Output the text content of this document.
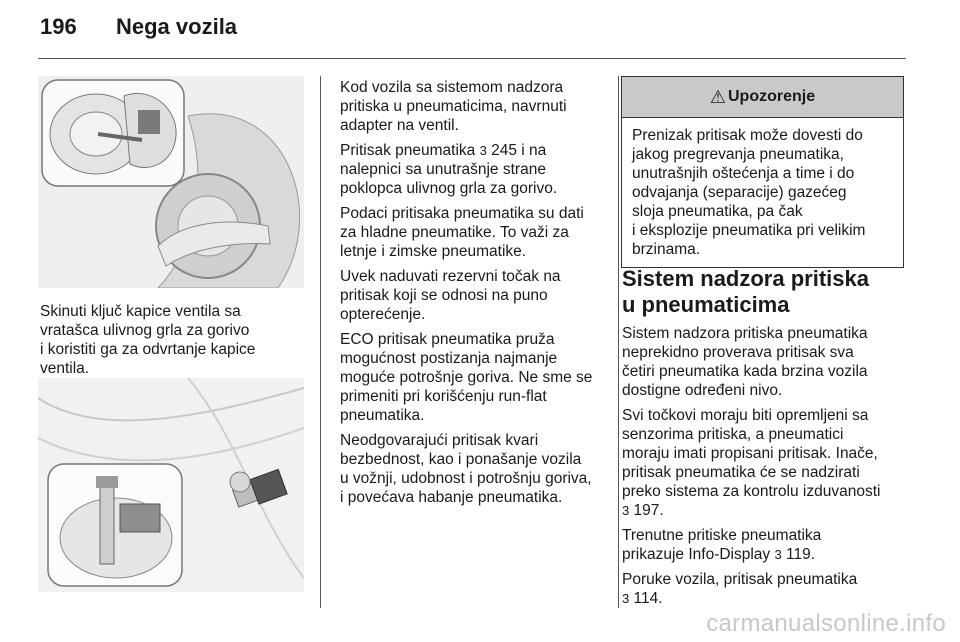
196	Nega vozila

Skinuti ključ kapice ventila sa
vratašca ulivnog grla za gorivo
i koristiti ga za odvrtanje kapice
ventila.

Kod vozila sa sistemom nadzora
pritiska u pneumaticima, navrnuti
adapter na ventil.

Pritisak pneumatika 3 245 i na
nalepnici sa unutrašnje strane
poklopca ulivnog grla za gorivo.

Podaci pritisaka pneumatika su dati
za hladne pneumatike. To važi za
letnje i zimske pneumatike.

Uvek naduvati rezervni točak na
pritisak koji se odnosi na puno
opterećenje.

ECO pritisak pneumatika pruža
mogućnost postizanja najmanje
moguće potrošnje goriva. Ne sme se
primeniti pri korišćenju run-flat
pneumatika.

Neodgovarajući pritisak kvari
bezbednost, kao i ponašanje vozila
u vožnji, udobnost i potrošnju goriva,
i povećava habanje pneumatika.

⚠ Upozorenje
Prenizak pritisak može dovesti do
jakog pregrevanja pneumatika,
unutrašnjih oštećenja a time i do
odvajanja (separacije) gazećeg
sloja pneumatika, pa čak
i eksplozije pneumatika pri velikim
brzinama.
Sistem nadzora pritiska
u pneumaticima

Sistem nadzora pritiska pneumatika
neprekidno proverava pritisak sva
četiri pneumatika kada brzina vozila
dostigne određeni nivo.

Svi točkovi moraju biti opremljeni sa
senzorima pritiska, a pneumatici
moraju imati propisani pritisak. Inače,
pritisak pneumatika će se nadzirati
preko sistema za kontrolu izduvanosti
3 197.

Trenutne pritiske pneumatika
prikazuje Info-Display 3 119.

Poruke vozila, pritisak pneumatika
3 114.

carmanualsonline.info
